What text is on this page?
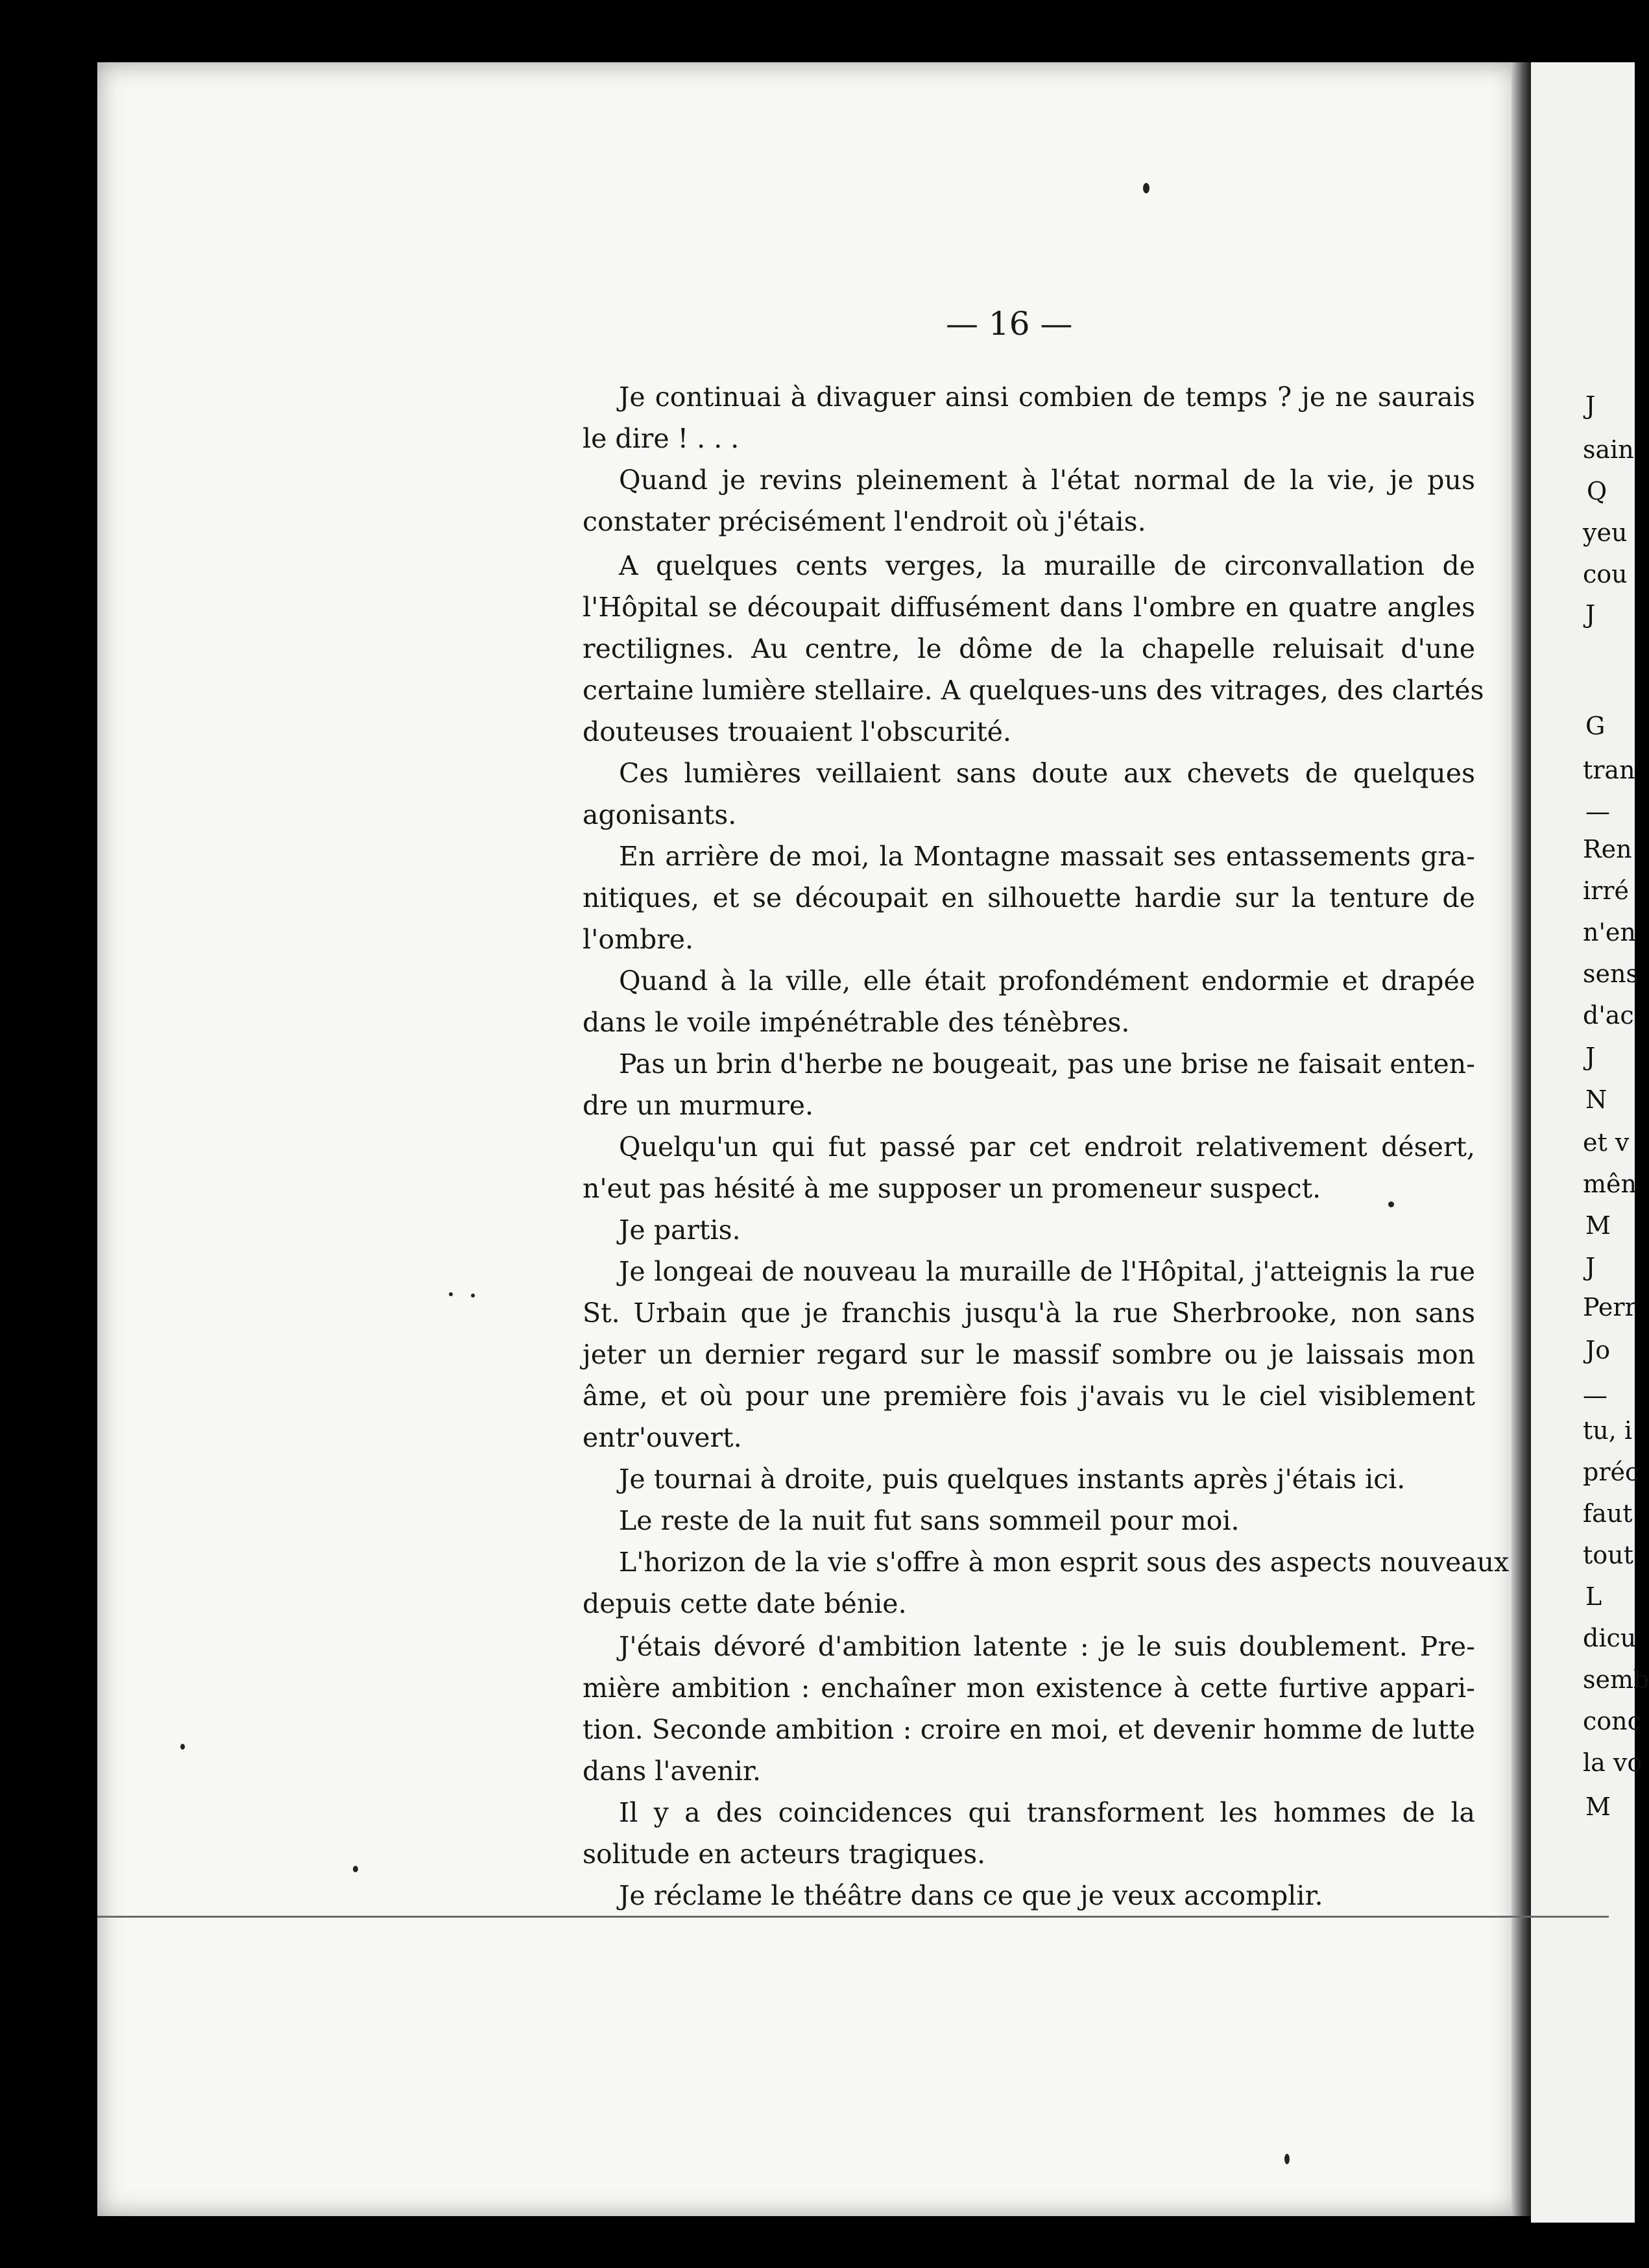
J
sain
Q
yeu
cou
J
G
tran
—
Ren
irré
n'en
sens
d'ac
J
N
et v
mên
M
J
Perr
Jo
—
tu, i
préc
faut
tout
L
dicu
semb
conc
la vo
M
— 16 —
Je continuai à divaguer ainsi combien de temps ? je ne saurais
le dire ! . . .
Quand je revins pleinement à l'état normal de la vie, je pus
constater précisément l'endroit où j'étais.
A quelques cents verges, la muraille de circonvallation de
l'Hôpital se découpait diffusément dans l'ombre en quatre angles
rectilignes. Au centre, le dôme de la chapelle reluisait d'une
certaine lumière stellaire. A quelques-uns des vitrages, des clartés
douteuses trouaient l'obscurité.
Ces lumières veillaient sans doute aux chevets de quelques
agonisants.
En arrière de moi, la Montagne massait ses entassements gra-
nitiques, et se découpait en silhouette hardie sur la tenture de
l'ombre.
Quand à la ville, elle était profondément endormie et drapée
dans le voile impénétrable des ténèbres.
Pas un brin d'herbe ne bougeait, pas une brise ne faisait enten-
dre un murmure.
Quelqu'un qui fut passé par cet endroit relativement désert,
n'eut pas hésité à me supposer un promeneur suspect.
Je partis.
Je longeai de nouveau la muraille de l'Hôpital, j'atteignis la rue
St. Urbain que je franchis jusqu'à la rue Sherbrooke, non sans
jeter un dernier regard sur le massif sombre ou je laissais mon
âme, et où pour une première fois j'avais vu le ciel visiblement
entr'ouvert.
Je tournai à droite, puis quelques instants après j'étais ici.
Le reste de la nuit fut sans sommeil pour moi.
L'horizon de la vie s'offre à mon esprit sous des aspects nouveaux
depuis cette date bénie.
J'étais dévoré d'ambition latente : je le suis doublement. Pre-
mière ambition : enchaîner mon existence à cette furtive appari-
tion. Seconde ambition : croire en moi, et devenir homme de lutte
dans l'avenir.
Il y a des coincidences qui transforment les hommes de la
solitude en acteurs tragiques.
Je réclame le théâtre dans ce que je veux accomplir.
